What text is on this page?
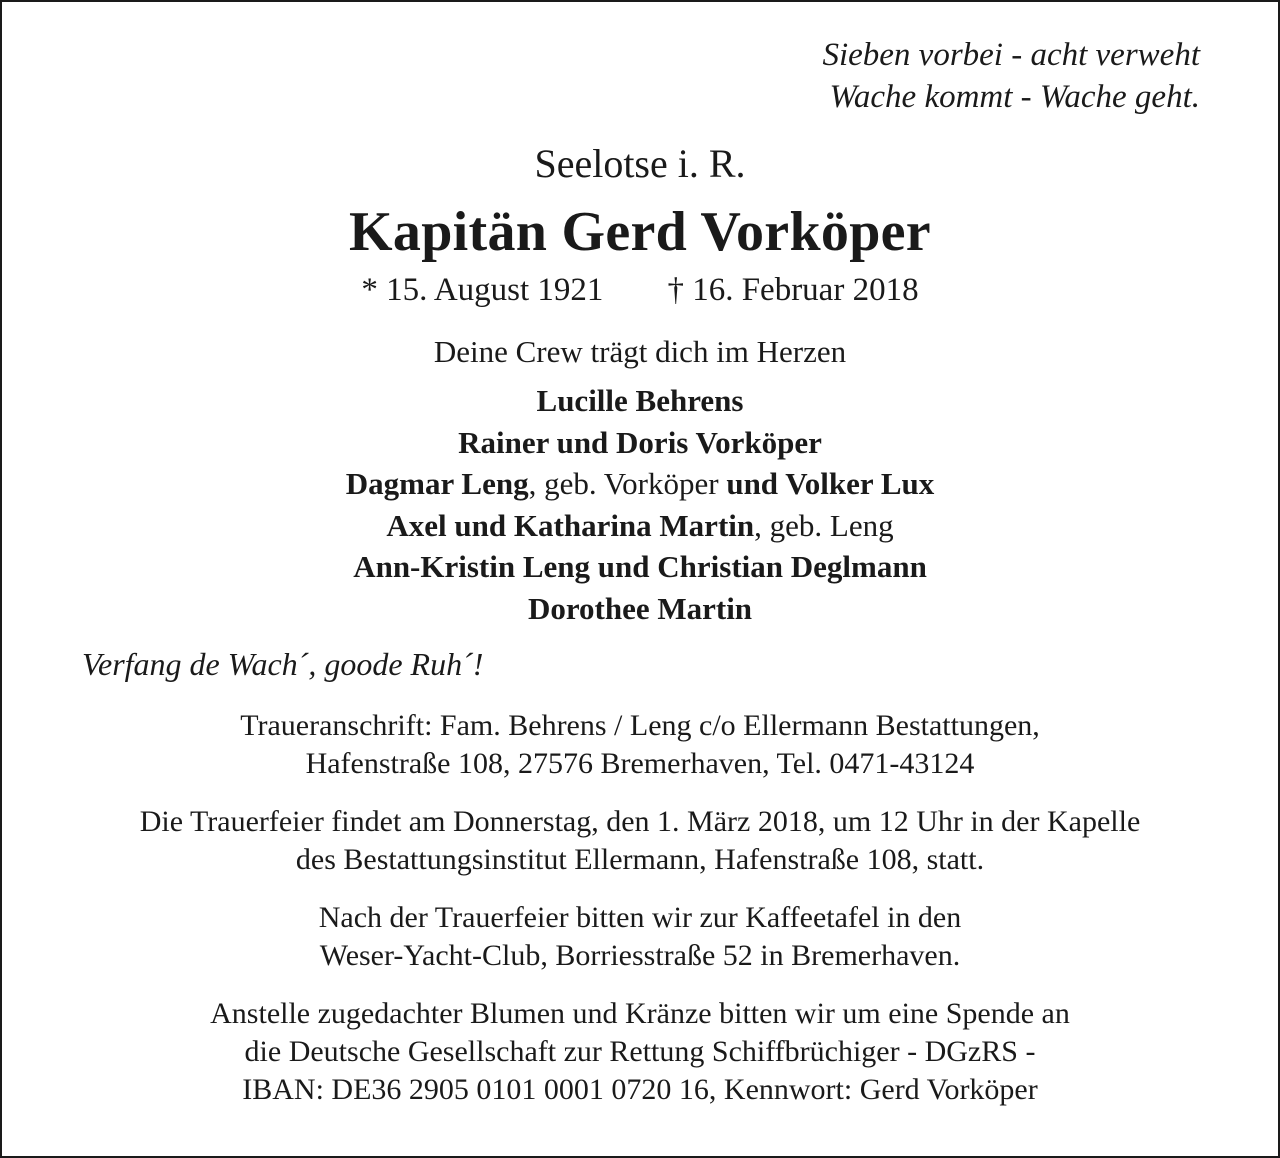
Sieben vorbei - acht verweht
Wache kommt - Wache geht.
Seelotse i. R.
Kapitän Gerd Vorköper
* 15. August 1921 † 16. Februar 2018
Deine Crew trägt dich im Herzen
Lucille Behrens
Rainer und Doris Vorköper
Dagmar Leng, geb. Vorköper und Volker Lux
Axel und Katharina Martin, geb. Leng
Ann-Kristin Leng und Christian Deglmann
Dorothee Martin
Verfang de Wach´, goode Ruh´!
Traueranschrift: Fam. Behrens / Leng c/o Ellermann Bestattungen,
Hafenstraße 108, 27576 Bremerhaven, Tel. 0471-43124
Die Trauerfeier findet am Donnerstag, den 1. März 2018, um 12 Uhr in der Kapelle
des Bestattungsinstitut Ellermann, Hafenstraße 108, statt.
Nach der Trauerfeier bitten wir zur Kaffeetafel in den
Weser-Yacht-Club, Borriesstraße 52 in Bremerhaven.
Anstelle zugedachter Blumen und Kränze bitten wir um eine Spende an
die Deutsche Gesellschaft zur Rettung Schiffbrüchiger - DGzRS -
IBAN: DE36 2905 0101 0001 0720 16, Kennwort: Gerd Vorköper
